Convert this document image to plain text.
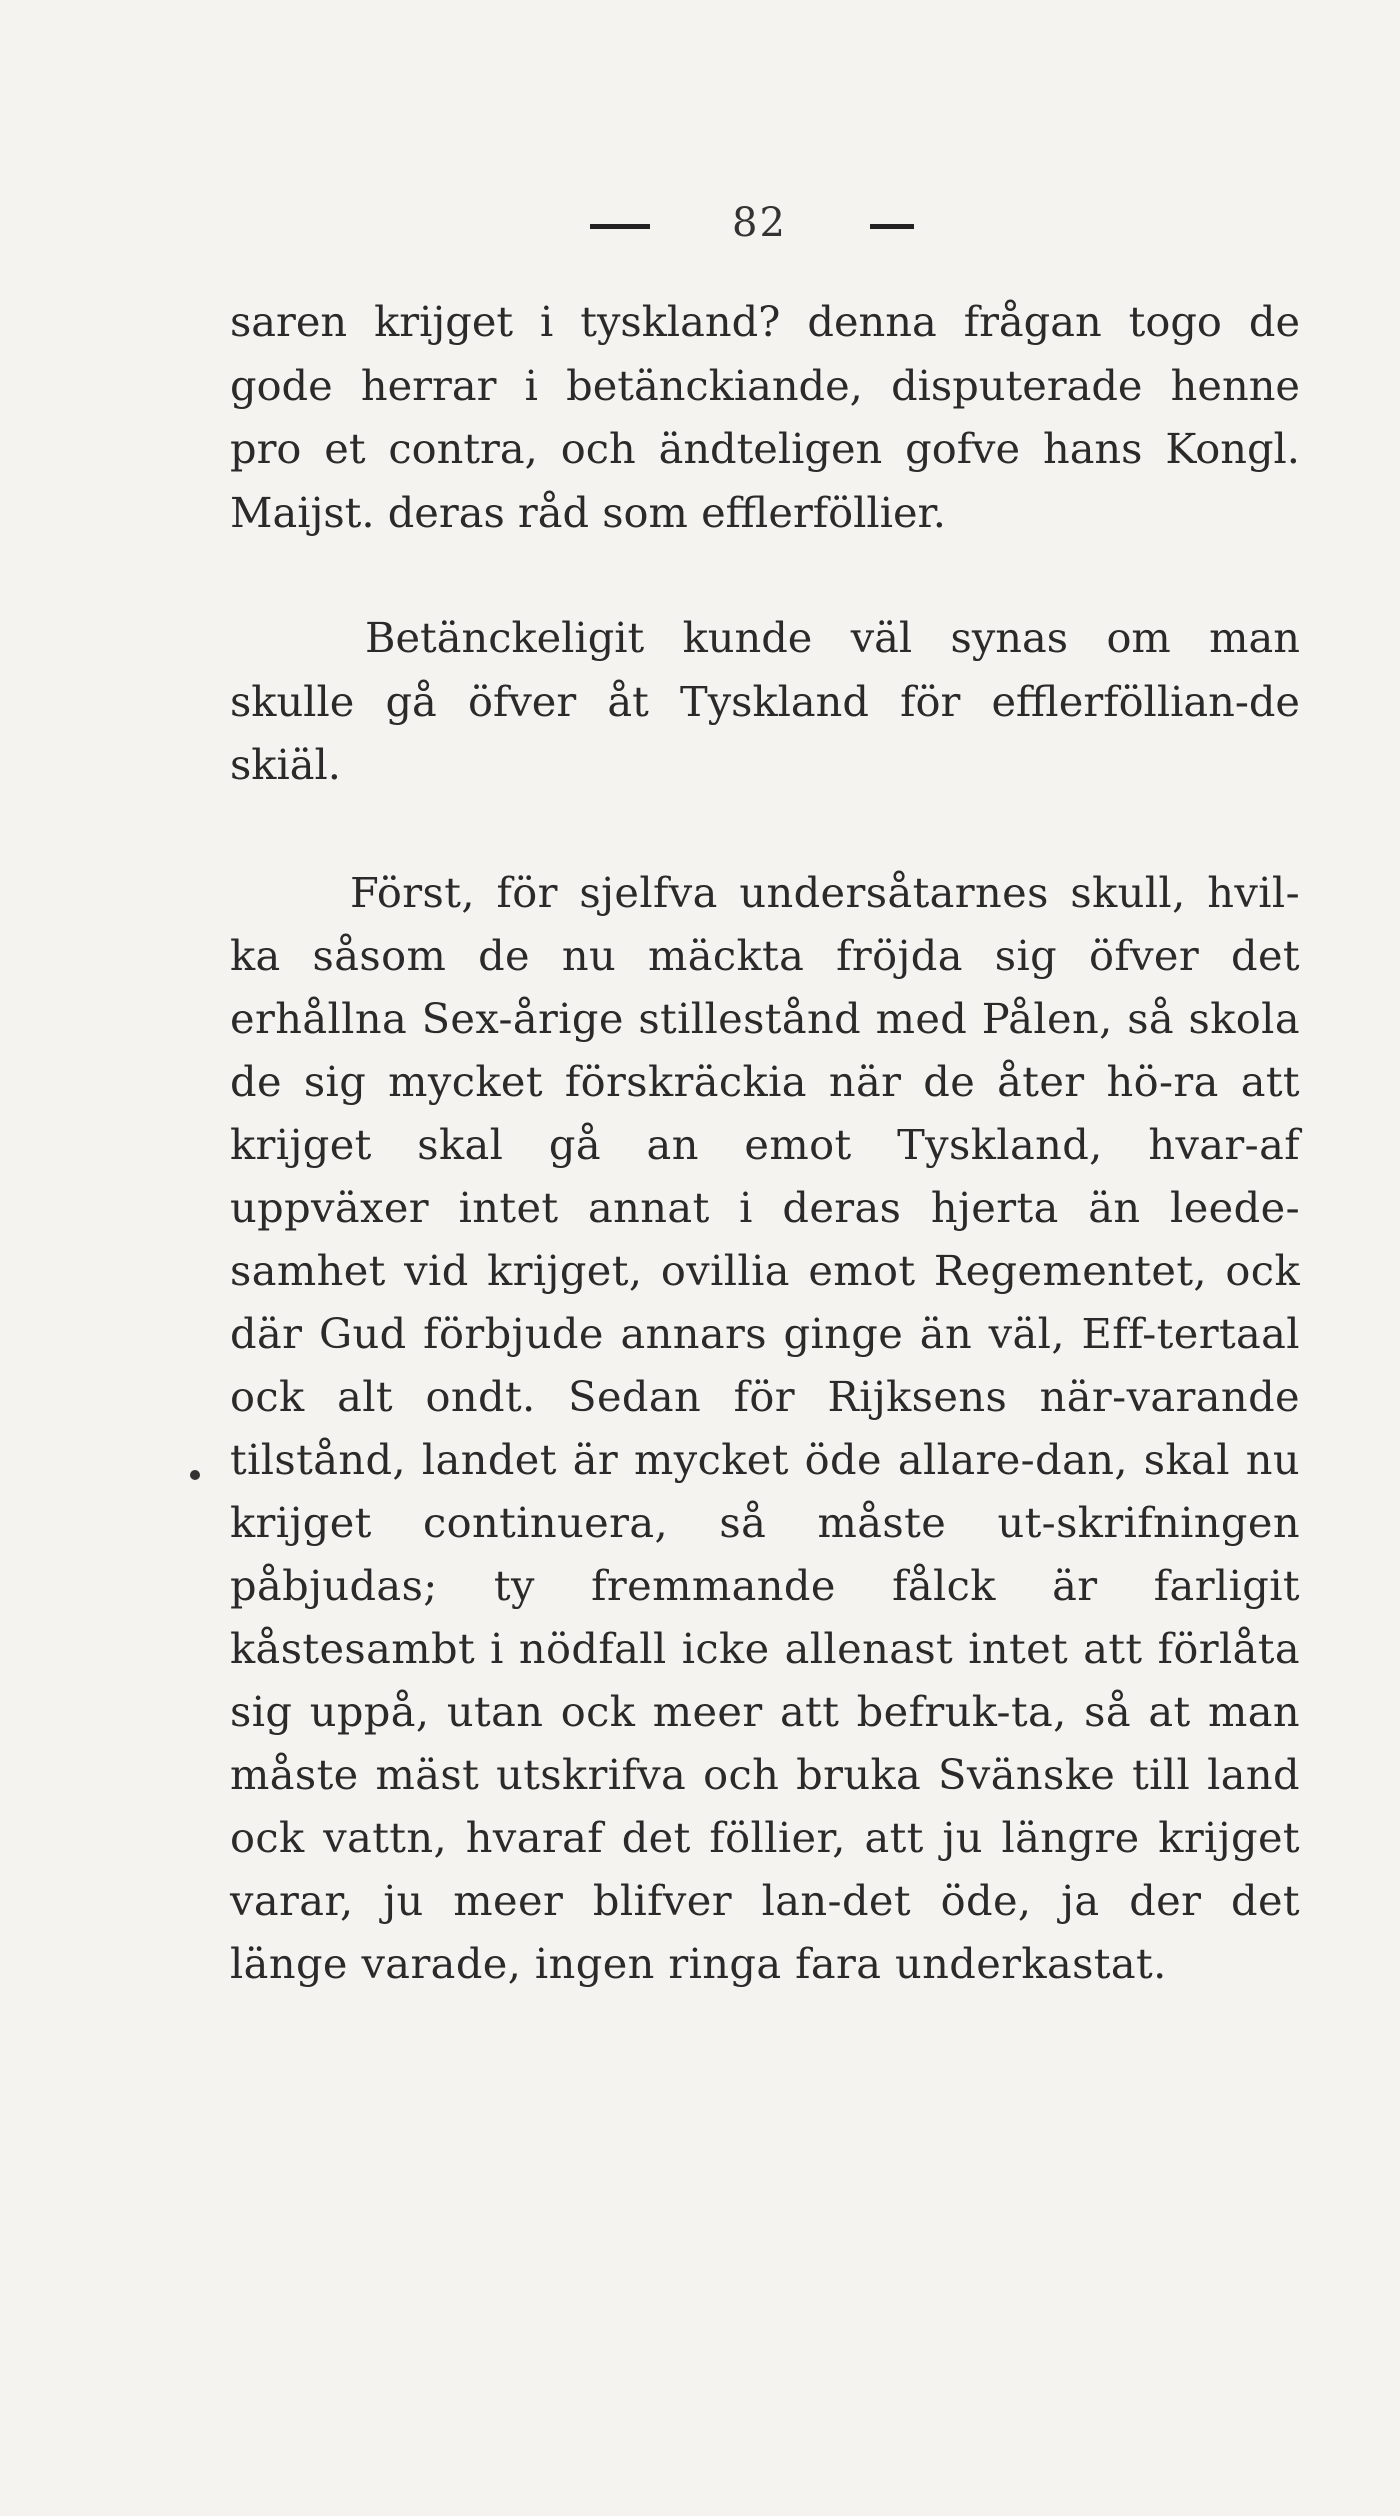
82

saren krijget i tyskland? denna frågan togo de gode herrar i betänckiande, disputerade henne pro et contra, och ändteligen gofve hans Kongl. Maijst. deras råd som efflerföllier.

Betänckeligit kunde väl synas om man skulle gå öfver åt Tyskland för efflerföllian-de skiäl.

Först, för sjelfva undersåtarnes skull, hvil-ka såsom de nu mäckta fröjda sig öfver det erhållna Sex-årige stillestånd med Pålen, så skola de sig mycket förskräckia när de åter hö-ra att krijget skal gå an emot Tyskland, hvar-af uppväxer intet annat i deras hjerta än leede-samhet vid krijget, ovillia emot Regementet, ock där Gud förbjude annars ginge än väl, Eff-tertaal ock alt ondt. Sedan för Rijksens när-varande tilstånd, landet är mycket öde allare-dan, skal nu krijget continuera, så måste ut-skrifningen påbjudas; ty fremmande fålck är farligit kåstesambt i nödfall icke allenast intet att förlåta sig uppå, utan ock meer att befruk-ta, så at man måste mäst utskrifva och bruka Svänske till land ock vattn, hvaraf det föllier, att ju längre krijget varar, ju meer blifver lan-det öde, ja der det länge varade, ingen ringa fara underkastat.
